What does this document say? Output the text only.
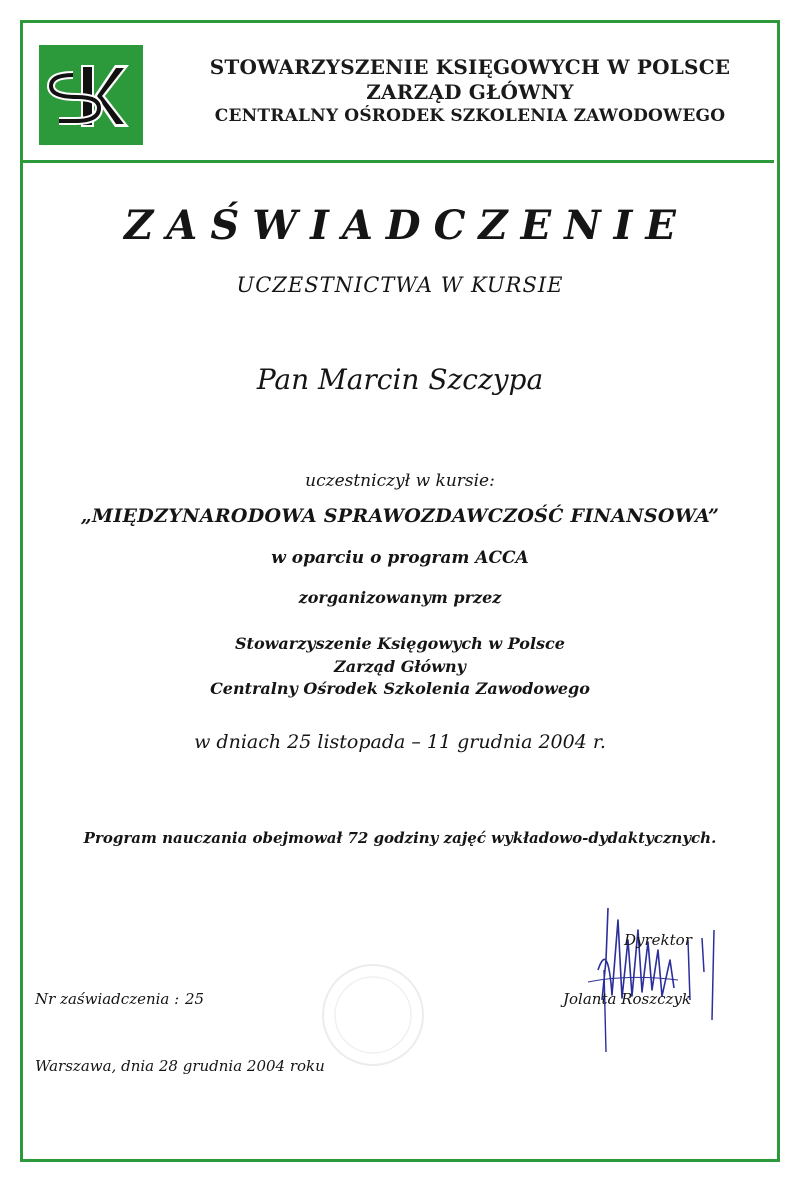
STOWARZYSZENIE KSIĘGOWYCH W POLSCE
ZARZĄD GŁÓWNY
CENTRALNY OŚRODEK SZKOLENIA ZAWODOWEGO
ZAŚWIADCZENIE
UCZESTNICTWA W KURSIE
Pan Marcin Szczypa
uczestniczył w kursie:
„MIĘDZYNARODOWA SPRAWOZDAWCZOŚĆ FINANSOWA”
w oparciu o program ACCA
zorganizowanym przez
Stowarzyszenie Księgowych w Polsce
Zarząd Główny
Centralny Ośrodek Szkolenia Zawodowego
w dniach 25 listopada – 11 grudnia 2004 r.
Program nauczania obejmował 72 godziny zajęć wykładowo-dydaktycznych.
Dyrektor
Jolanta Roszczyk
Nr zaświadczenia : 25
Warszawa, dnia 28 grudnia 2004 roku
